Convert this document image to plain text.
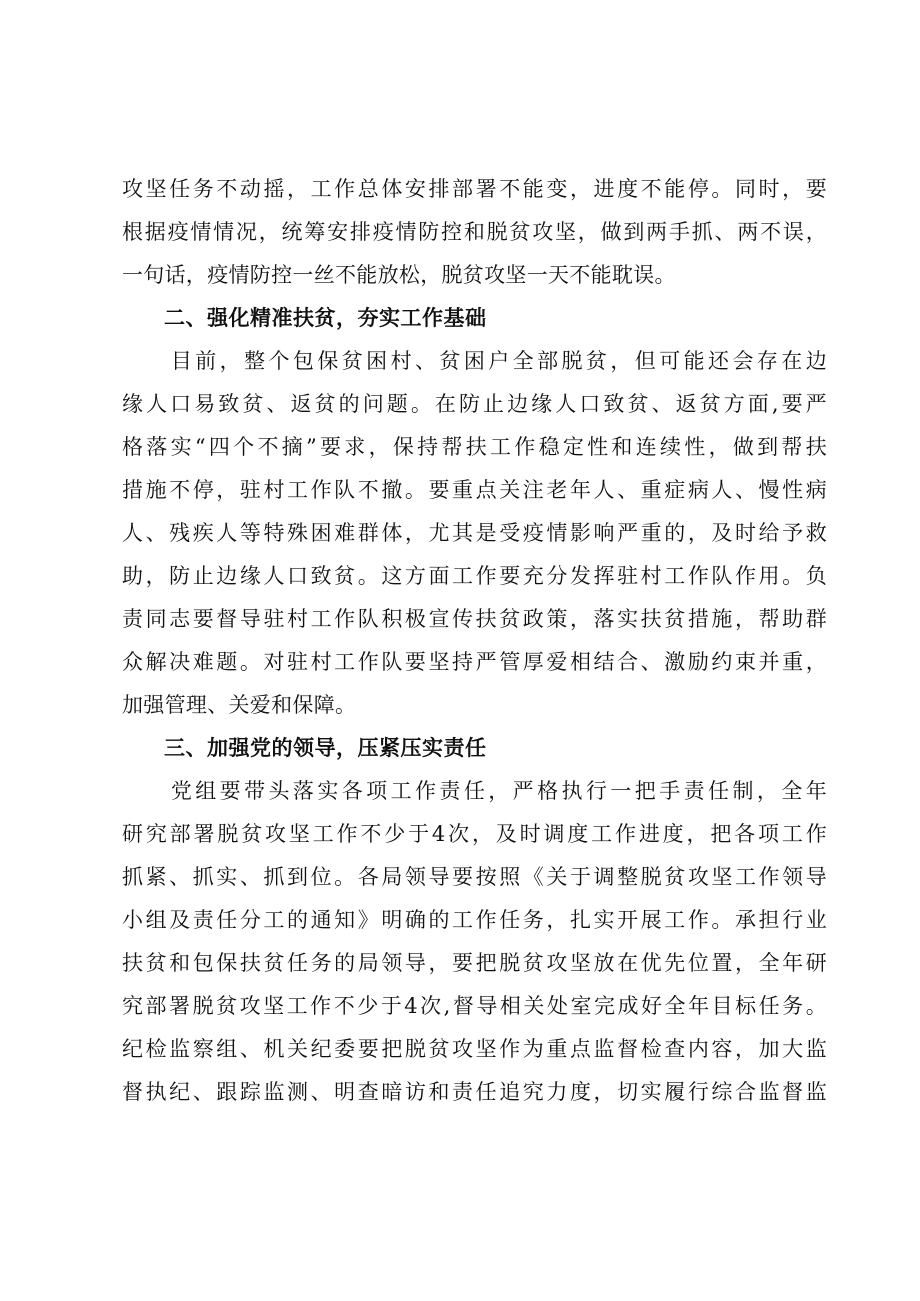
攻坚任务不动摇，工作总体安排部署不能变，进度不能停。同时，要
根据疫情情况，统筹安排疫情防控和脱贫攻坚，做到两手抓、两不误，
一句话，疫情防控一丝不能放松，脱贫攻坚一天不能耽误。
二、强化精准扶贫，夯实工作基础
　　目前，整个包保贫困村、贫困户全部脱贫，但可能还会存在边
缘人口易致贫、返贫的问题。在防止边缘人口致贫、返贫方面,要严
格落实“四个不摘”要求，保持帮扶工作稳定性和连续性，做到帮扶
措施不停，驻村工作队不撤。要重点关注老年人、重症病人、慢性病
人、残疾人等特殊困难群体，尤其是受疫情影响严重的，及时给予救
助，防止边缘人口致贫。这方面工作要充分发挥驻村工作队作用。负
责同志要督导驻村工作队积极宣传扶贫政策，落实扶贫措施，帮助群
众解决难题。对驻村工作队要坚持严管厚爱相结合、激励约束并重，
加强管理、关爱和保障。
三、加强党的领导，压紧压实责任
　　党组要带头落实各项工作责任，严格执行一把手责任制，全年
研究部署脱贫攻坚工作不少于4次，及时调度工作进度，把各项工作
抓紧、抓实、抓到位。各局领导要按照《关于调整脱贫攻坚工作领导
小组及责任分工的通知》明确的工作任务，扎实开展工作。承担行业
扶贫和包保扶贫任务的局领导，要把脱贫攻坚放在优先位置，全年研
究部署脱贫攻坚工作不少于4次,督导相关处室完成好全年目标任务。
纪检监察组、机关纪委要把脱贫攻坚作为重点监督检查内容，加大监
督执纪、跟踪监测、明查暗访和责任追究力度，切实履行综合监督监
